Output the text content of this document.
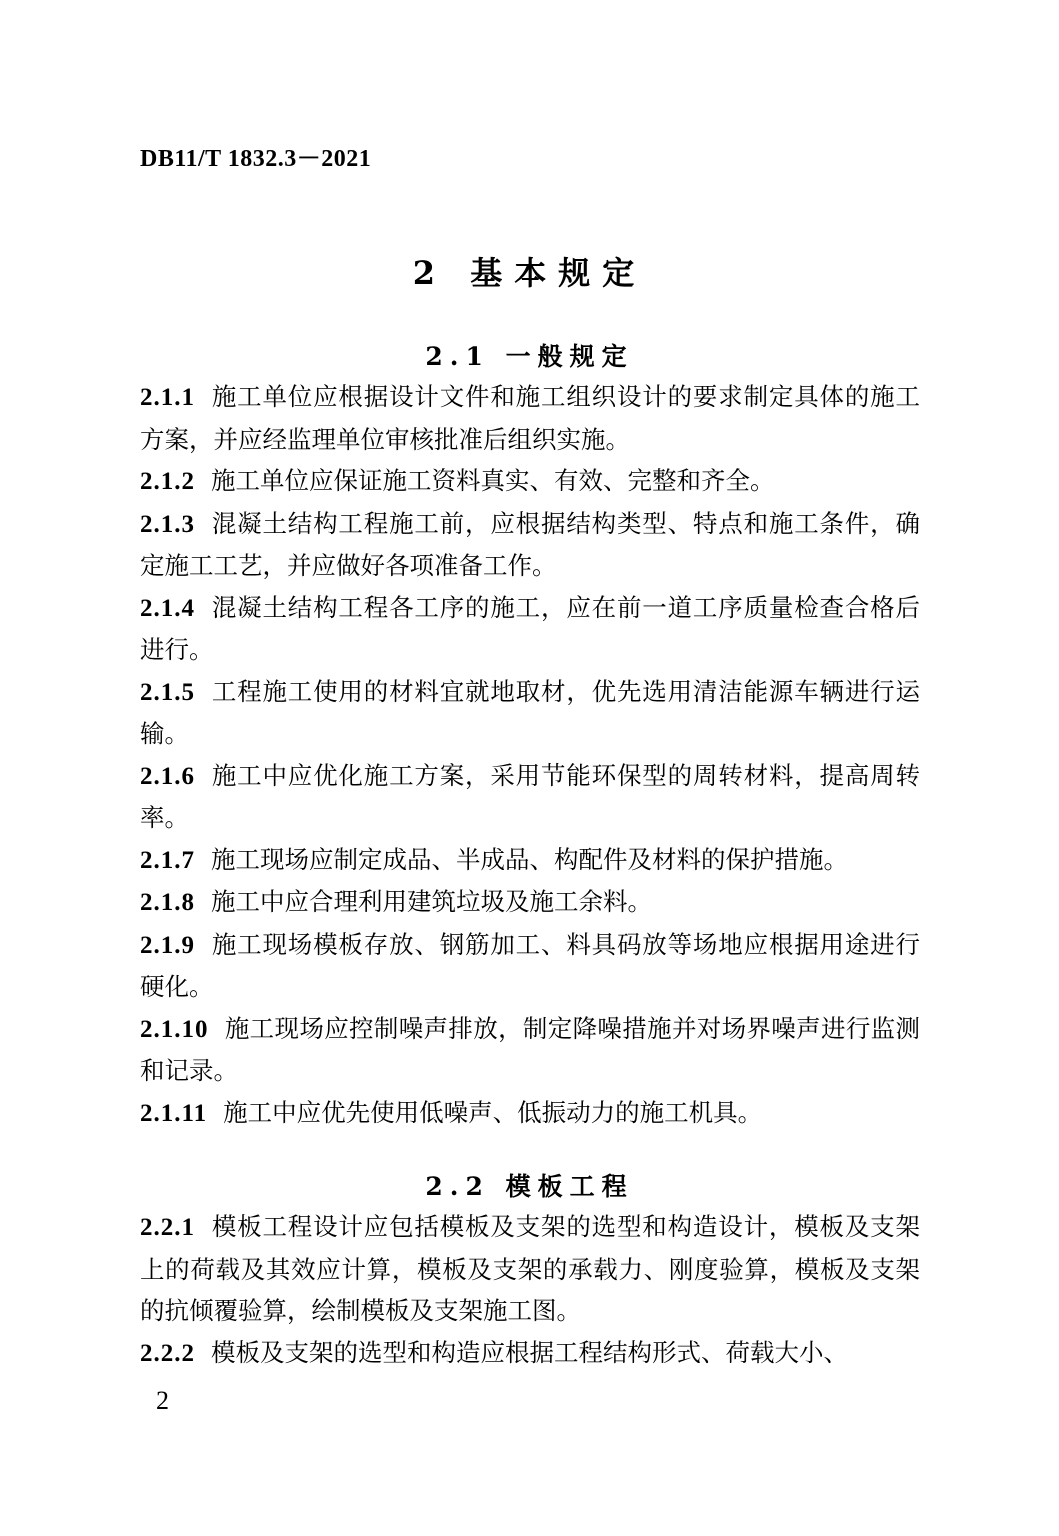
DB11/T 1832.3－2021
2 基本规定
2.1 一般规定

2.1.1 施工单位应根据设计文件和施工组织设计的要求制定具体的施工方案，并应经监理单位审核批准后组织实施。

2.1.2 施工单位应保证施工资料真实、有效、完整和齐全。

2.1.3 混凝土结构工程施工前，应根据结构类型、特点和施工条件，确定施工工艺，并应做好各项准备工作。

2.1.4 混凝土结构工程各工序的施工，应在前一道工序质量检查合格后进行。

2.1.5 工程施工使用的材料宜就地取材，优先选用清洁能源车辆进行运输。

2.1.6 施工中应优化施工方案，采用节能环保型的周转材料，提高周转率。

2.1.7 施工现场应制定成品、半成品、构配件及材料的保护措施。

2.1.8 施工中应合理利用建筑垃圾及施工余料。

2.1.9 施工现场模板存放、钢筋加工、料具码放等场地应根据用途进行硬化。

2.1.10 施工现场应控制噪声排放，制定降噪措施并对场界噪声进行监测和记录。

2.1.11 施工中应优先使用低噪声、低振动力的施工机具。

2.2 模板工程

2.2.1 模板工程设计应包括模板及支架的选型和构造设计，模板及支架上的荷载及其效应计算，模板及支架的承载力、刚度验算，模板及支架的抗倾覆验算，绘制模板及支架施工图。

2.2.2 模板及支架的选型和构造应根据工程结构形式、荷载大小、

2
